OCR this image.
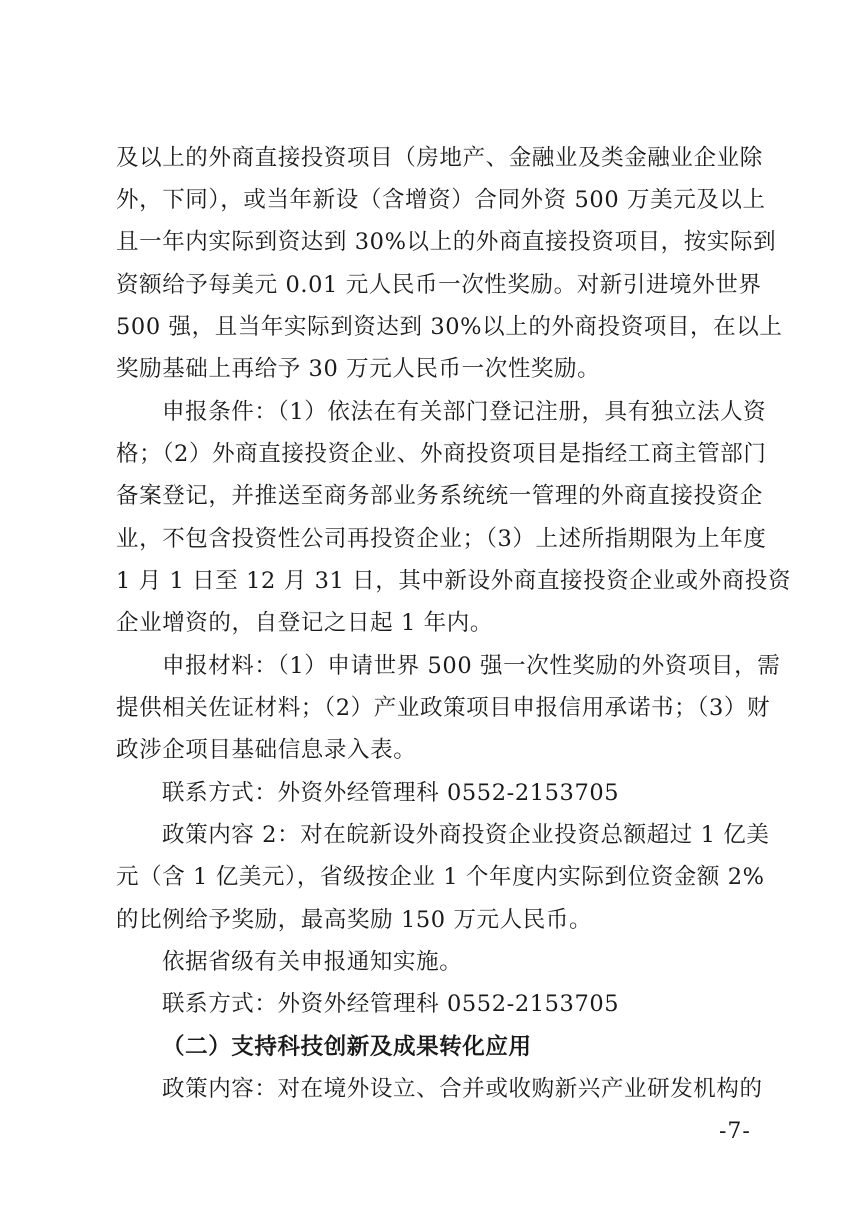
及以上的外商直接投资项目（房地产、金融业及类金融业企业除
外，下同），或当年新设（含增资）合同外资 500 万美元及以上
且一年内实际到资达到 30%以上的外商直接投资项目，按实际到
资额给予每美元 0.01 元人民币一次性奖励。对新引进境外世界
500 强，且当年实际到资达到 30%以上的外商投资项目，在以上
奖励基础上再给予 30 万元人民币一次性奖励。
申报条件：（1）依法在有关部门登记注册，具有独立法人资
格；（2）外商直接投资企业、外商投资项目是指经工商主管部门
备案登记，并推送至商务部业务系统统一管理的外商直接投资企
业，不包含投资性公司再投资企业；（3）上述所指期限为上年度
1 月 1 日至 12 月 31 日，其中新设外商直接投资企业或外商投资
企业增资的，自登记之日起 1 年内。
申报材料：（1）申请世界 500 强一次性奖励的外资项目，需
提供相关佐证材料；（2）产业政策项目申报信用承诺书；（3）财
政涉企项目基础信息录入表。
联系方式：外资外经管理科 0552-2153705
政策内容 2：对在皖新设外商投资企业投资总额超过 1 亿美
元（含 1 亿美元），省级按企业 1 个年度内实际到位资金额 2%
的比例给予奖励，最高奖励 150 万元人民币。
依据省级有关申报通知实施。
联系方式：外资外经管理科 0552-2153705
（二）支持科技创新及成果转化应用
政策内容：对在境外设立、合并或收购新兴产业研发机构的
-7-
